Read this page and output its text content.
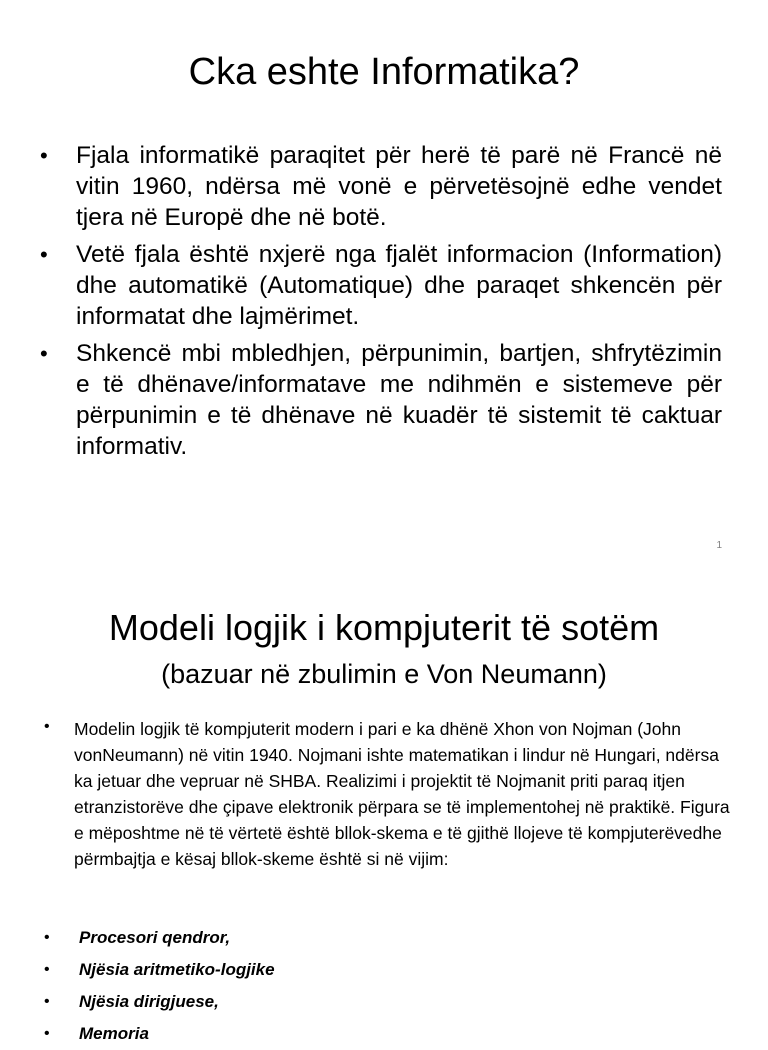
Cka eshte Informatika?
•	Fjala informatikë paraqitet për herë të parë në Francë në vitin 1960, ndërsa më vonë e përvetësojnë edhe vendet tjera në Europë dhe në botë.
•	Vetë fjala është nxjerë nga fjalët informacion (Information) dhe automatikë (Automatique) dhe paraqet shkencën për informatat dhe lajmërimet.
•	Shkencë mbi mbledhjen, përpunimin, bartjen, shfrytëzimin e të dhënave/informatave me ndihmën e sistemeve për përpunimin e të dhënave në kuadër të sistemit të caktuar informativ.
1
Modeli logjik i kompjuterit të sotëm
(bazuar në zbulimin e Von Neumann)
• Modelin logjik të kompjuterit modern i pari e ka dhënë Xhon von Nojman (John vonNeumann) në vitin 1940. Nojmani ishte matematikan i lindur në Hungari, ndërsa

ka jetuar dhe vepruar në SHBA. Realizimi i projektit të Nojmanit priti paraq itjen etranzistorëve dhe çipave elektronik përpara se të implementohej në praktikë. Figura e mëposhtme në të vërtetë është bllok-skema e të gjithë llojeve të kompjuterëvedhe përmbajtja e kësaj bllok-skeme është si në vijim:

• Procesori qendror,
• Njësia aritmetiko-logjike
• Njësia dirigjuese,
• Memoria
